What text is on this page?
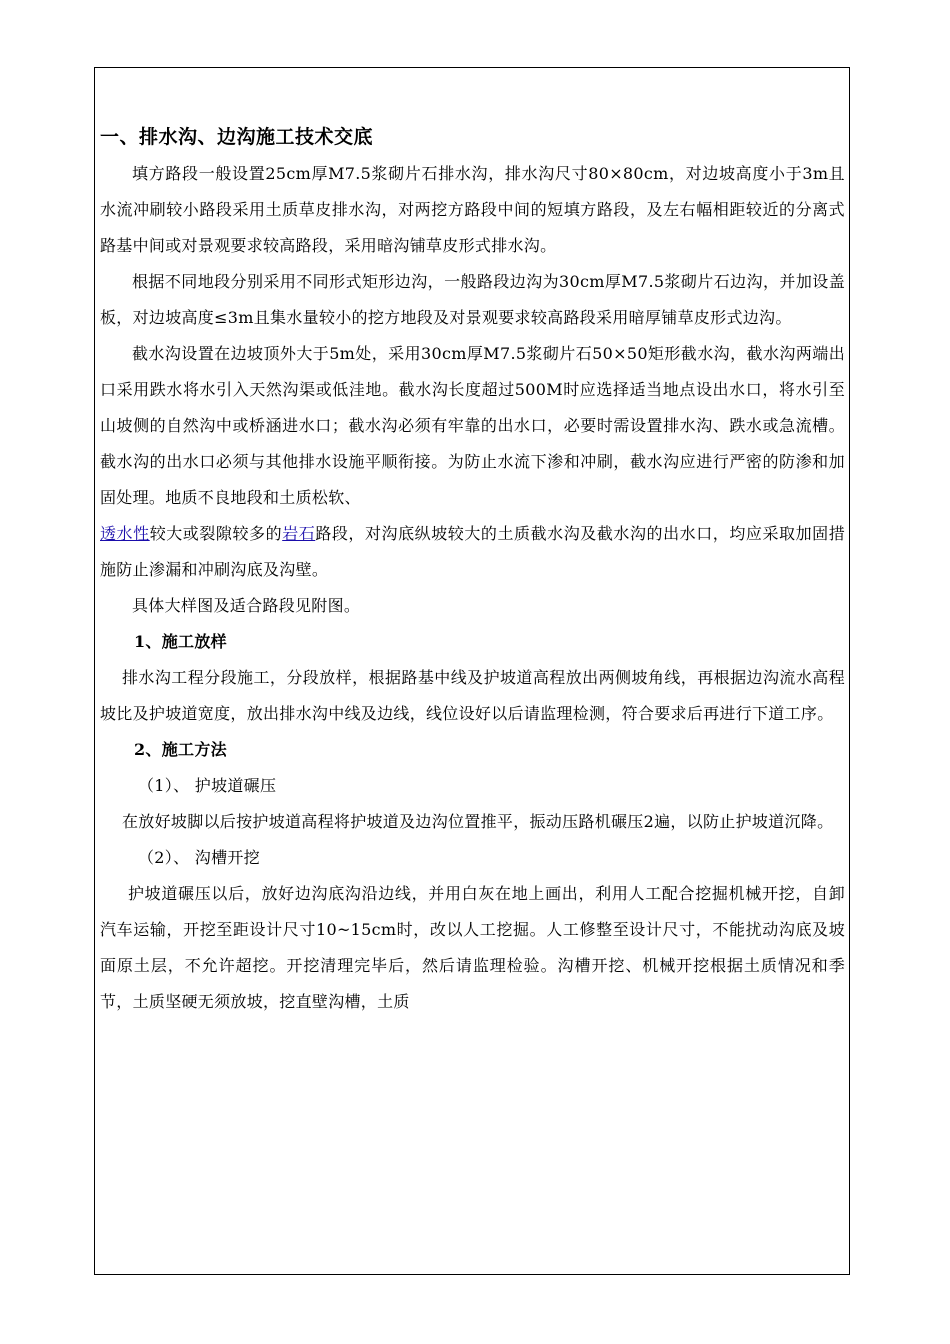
一、排水沟、边沟施工技术交底

填方路段一般设置25cm厚M7.5浆砌片石排水沟，排水沟尺寸80×80cm，对边坡高度小于3m且水流冲刷较小路段采用土质草皮排水沟，对两挖方路段中间的短填方路段，及左右幅相距较近的分离式路基中间或对景观要求较高路段，采用暗沟铺草皮形式排水沟。

根据不同地段分别采用不同形式矩形边沟，一般路段边沟为30cm厚M7.5浆砌片石边沟，并加设盖板，对边坡高度≤3m且集水量较小的挖方地段及对景观要求较高路段采用暗厚铺草皮形式边沟。

截水沟设置在边坡顶外大于5m处，采用30cm厚M7.5浆砌片石50×50矩形截水沟，截水沟两端出口采用跌水将水引入天然沟渠或低洼地。截水沟长度超过500M时应选择适当地点设出水口，将水引至山坡侧的自然沟中或桥涵进水口；截水沟必须有牢靠的出水口，必要时需设置排水沟、跌水或急流槽。截水沟的出水口必须与其他排水设施平顺衔接。为防止水流下渗和冲刷，截水沟应进行严密的防渗和加固处理。地质不良地段和土质松软、

透水性较大或裂隙较多的岩石路段，对沟底纵坡较大的土质截水沟及截水沟的出水口，均应采取加固措施防止渗漏和冲刷沟底及沟壁。

具体大样图及适合路段见附图。

1、施工放样

排水沟工程分段施工，分段放样，根据路基中线及护坡道高程放出两侧坡角线，再根据边沟流水高程坡比及护坡道宽度，放出排水沟中线及边线，线位设好以后请监理检测，符合要求后再进行下道工序。

2、施工方法

（1）、 护坡道碾压

在放好坡脚以后按护坡道高程将护坡道及边沟位置推平，振动压路机碾压2遍，以防止护坡道沉降。

（2）、 沟槽开挖

护坡道碾压以后，放好边沟底沟沿边线，并用白灰在地上画出，利用人工配合挖掘机械开挖，自卸汽车运输，开挖至距设计尺寸10~15cm时，改以人工挖掘。人工修整至设计尺寸，不能扰动沟底及坡面原土层，不允许超挖。开挖清理完毕后，然后请监理检验。沟槽开挖、机械开挖根据土质情况和季节，土质坚硬无须放坡，挖直壁沟槽，土质
